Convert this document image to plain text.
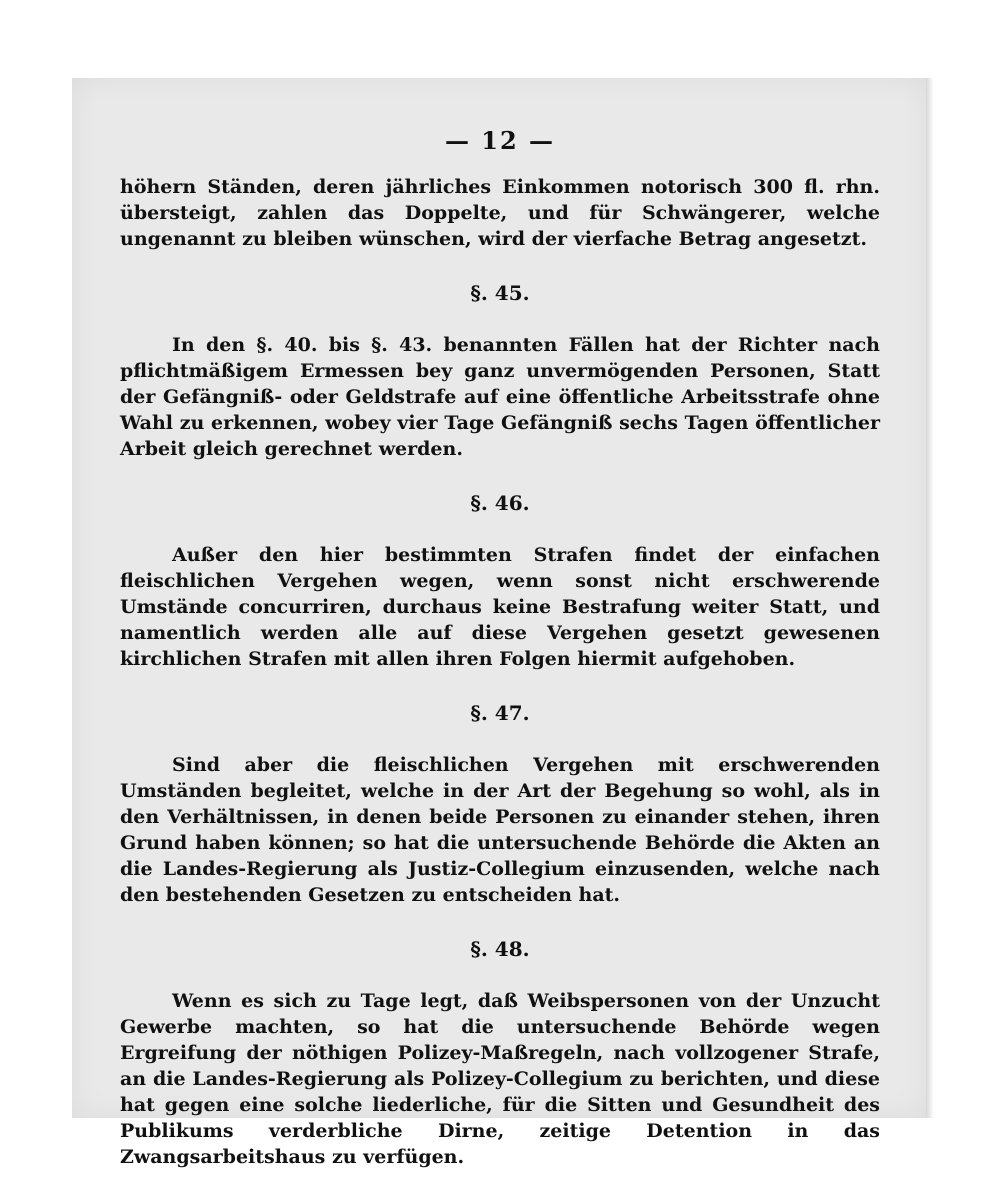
— 12 —

höhern Ständen, deren jährliches Einkommen notorisch 300 fl. rhn. übersteigt, zahlen das Doppelte, und für Schwängerer, welche ungenannt zu bleiben wünschen, wird der vierfache Betrag angesetzt.

§. 45.

In den §. 40. bis §. 43. benannten Fällen hat der Richter nach pflichtmäßigem Ermessen bey ganz unvermögenden Personen, Statt der Gefängniß- oder Geldstrafe auf eine öffentliche Arbeitsstrafe ohne Wahl zu erkennen, wobey vier Tage Gefängniß sechs Tagen öffentlicher Arbeit gleich gerechnet werden.

§. 46.

Außer den hier bestimmten Strafen findet der einfachen fleischlichen Vergehen wegen, wenn sonst nicht erschwerende Umstände concurriren, durchaus keine Bestrafung weiter Statt, und namentlich werden alle auf diese Vergehen gesetzt gewesenen kirchlichen Strafen mit allen ihren Folgen hiermit aufgehoben.

§. 47.

Sind aber die fleischlichen Vergehen mit erschwerenden Umständen begleitet, welche in der Art der Begehung so wohl, als in den Verhältnissen, in denen beide Personen zu einander stehen, ihren Grund haben können; so hat die untersuchende Behörde die Akten an die Landes-Regierung als Justiz-Collegium einzusenden, welche nach den bestehenden Gesetzen zu entscheiden hat.

§. 48.

Wenn es sich zu Tage legt, daß Weibspersonen von der Unzucht Gewerbe machten, so hat die untersuchende Behörde wegen Ergreifung der nöthigen Polizey-Maßregeln, nach vollzogener Strafe, an die Landes-Regierung als Polizey-Collegium zu berichten, und diese hat gegen eine solche liederliche, für die Sitten und Gesundheit des Publikums verderbliche Dirne, zeitige Detention in das Zwangsarbeitshaus zu verfügen.
